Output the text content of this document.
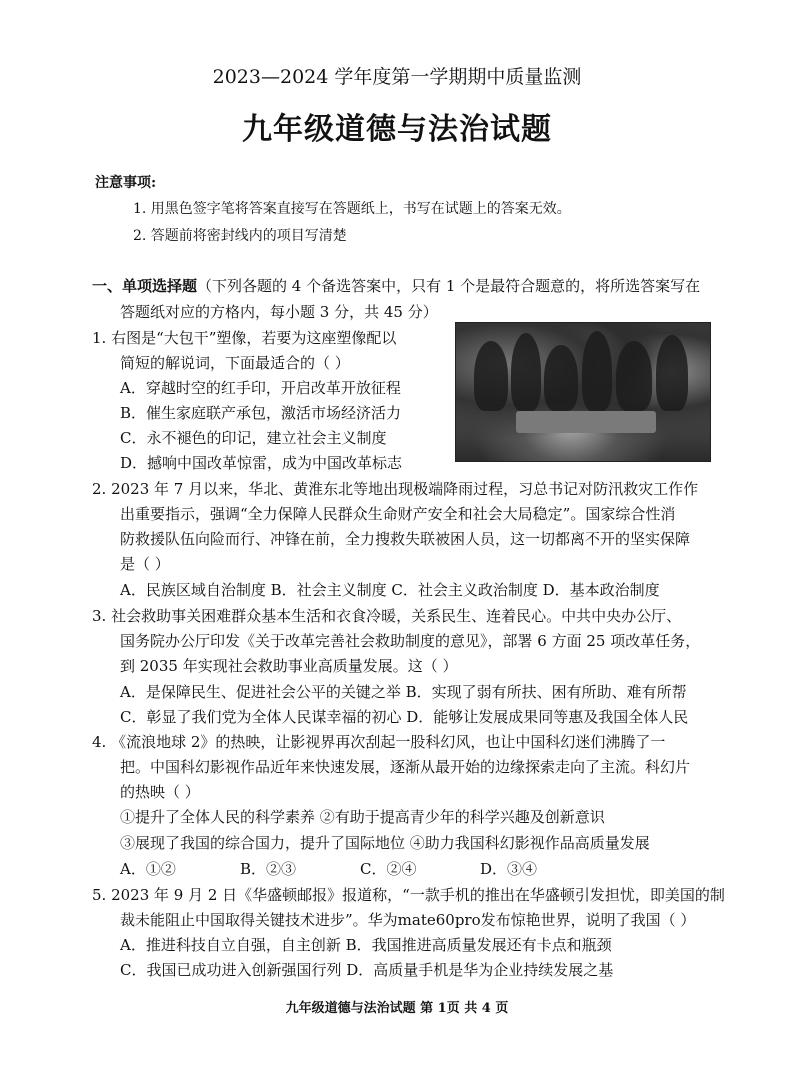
2023—2024 学年度第一学期期中质量监测
九年级道德与法治试题
注意事项:
1. 用黑色签字笔将答案直接写在答题纸上，书写在试题上的答案无效。
2. 答题前将密封线内的项目写清楚
一、单项选择题（下列各题的 4 个备选答案中，只有 1 个是最符合题意的，将所选答案写在
答题纸对应的方格内，每小题 3 分，共 45 分）
1. 右图是“大包干”塑像，若要为这座塑像配以
简短的解说词，下面最适合的（ ）
A．穿越时空的红手印，开启改革开放征程
B．催生家庭联产承包，激活市场经济活力
C．永不褪色的印记，建立社会主义制度
D．撼响中国改革惊雷，成为中国改革标志
2. 2023 年 7 月以来，华北、黄淮东北等地出现极端降雨过程，习总书记对防汛救灾工作作
出重要指示，强调“全力保障人民群众生命财产安全和社会大局稳定”。国家综合性消
防救援队伍向险而行、冲锋在前，全力搜救失联被困人员，这一切都离不开的坚实保障
是（ ）
A．民族区域自治制度 B．社会主义制度 C．社会主义政治制度 D．基本政治制度
3. 社会救助事关困难群众基本生活和衣食冷暖，关系民生、连着民心。中共中央办公厅、
国务院办公厅印发《关于改革完善社会救助制度的意见》，部署 6 方面 25 项改革任务，
到 2035 年实现社会救助事业高质量发展。这（ ）
A．是保障民生、促进社会公平的关键之举 B．实现了弱有所扶、困有所助、难有所帮
C．彰显了我们党为全体人民谋幸福的初心 D．能够让发展成果同等惠及我国全体人民
4. 《流浪地球 2》的热映，让影视界再次刮起一股科幻风，也让中国科幻迷们沸腾了一
把。中国科幻影视作品近年来快速发展，逐渐从最开始的边缘探索走向了主流。科幻片
的热映（ ）
①提升了全体人民的科学素养 ②有助于提高青少年的科学兴趣及创新意识
③展现了我国的综合国力，提升了国际地位 ④助力我国科幻影视作品高质量发展
A．①②	B．②③	C．②④	D．③④
5. 2023 年 9 月 2 日《华盛顿邮报》报道称，“一款手机的推出在华盛顿引发担忧，即美国的制
裁未能阻止中国取得关键技术进步”。华为mate60pro发布惊艳世界，说明了我国（ ）
A．推进科技自立自强，自主创新 B．我国推进高质量发展还有卡点和瓶颈
C．我国已成功进入创新强国行列 D．高质量手机是华为企业持续发展之基
九年级道德与法治试题 第 1页 共 4 页
